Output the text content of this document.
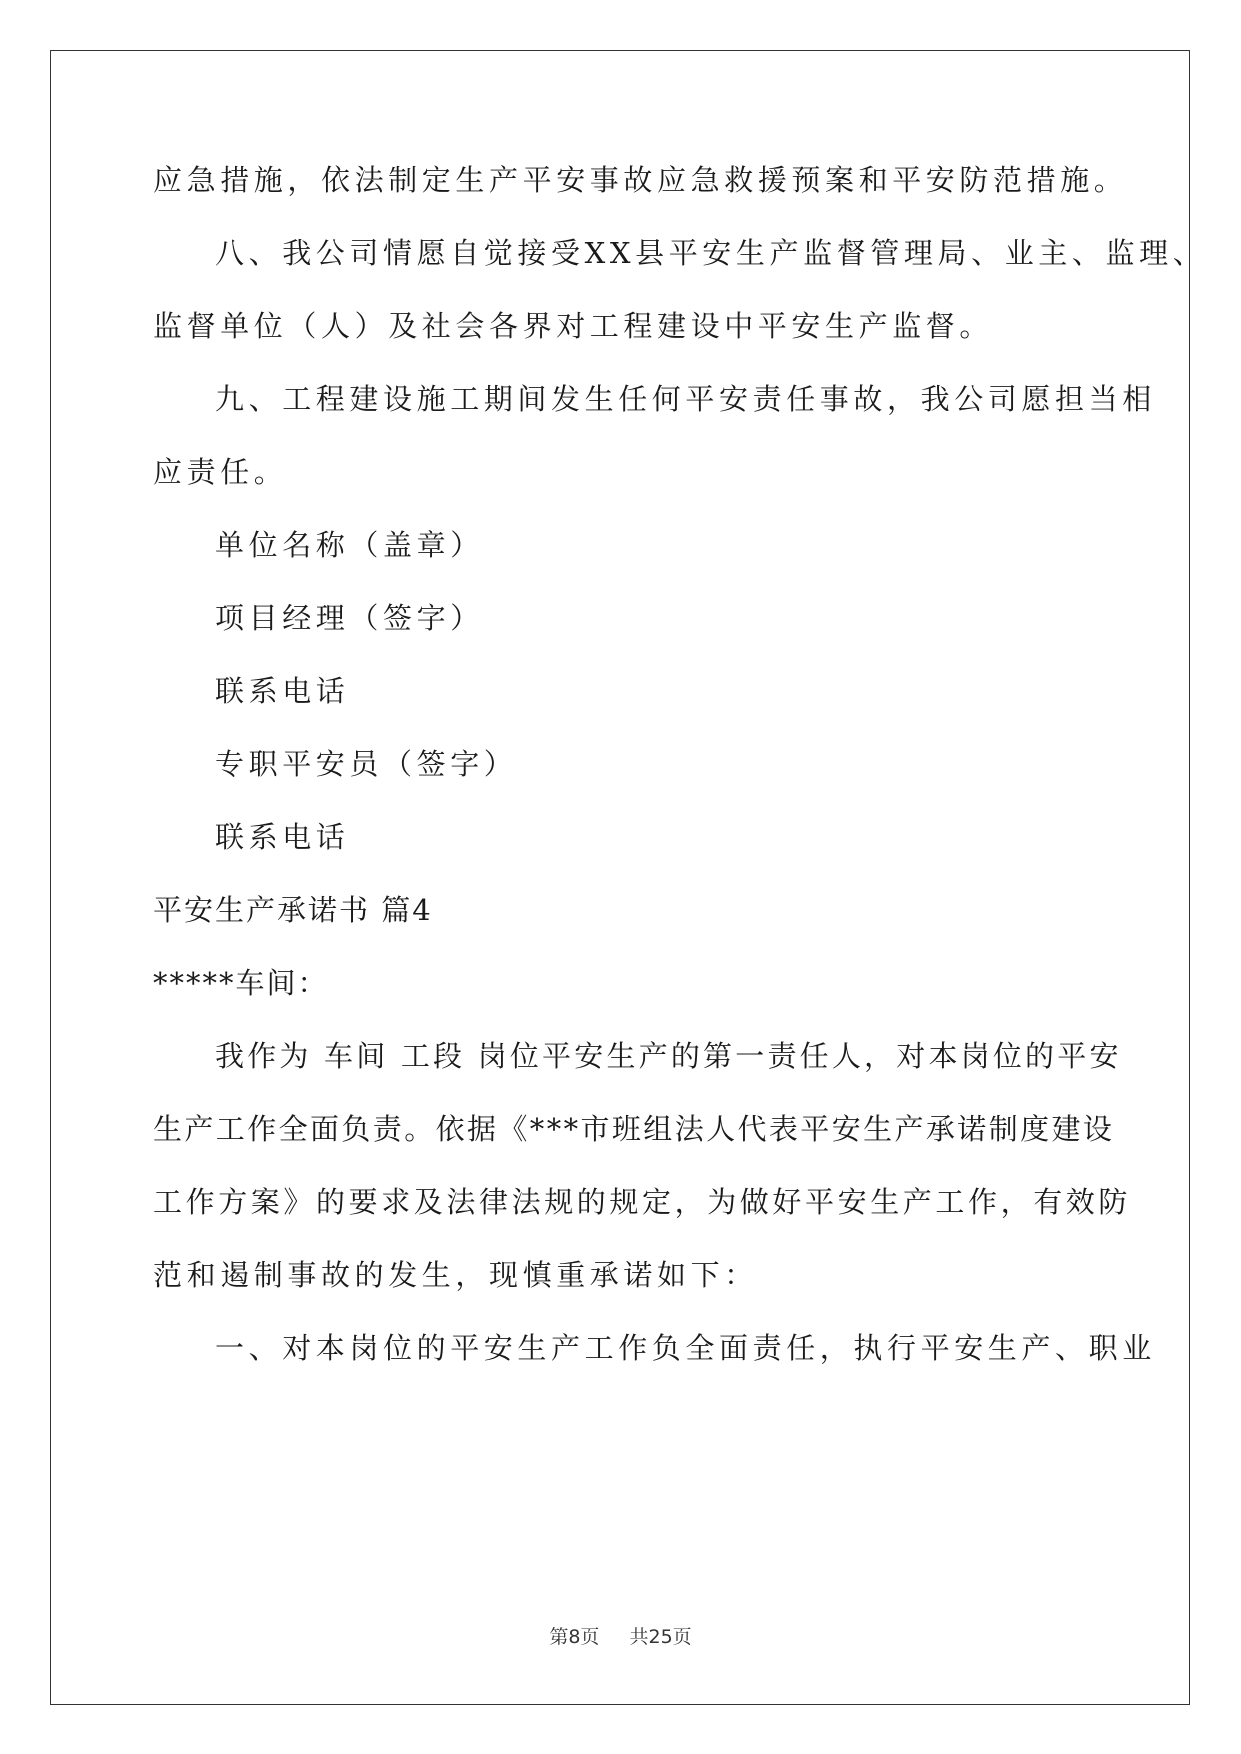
应急措施，依法制定生产平安事故应急救援预案和平安防范措施。
八、我公司情愿自觉接受XX县平安生产监督管理局、业主、监理、
监督单位（人）及社会各界对工程建设中平安生产监督。
九、工程建设施工期间发生任何平安责任事故，我公司愿担当相
应责任。
单位名称（盖章）
项目经理（签字）
联系电话
专职平安员（签字）
联系电话
平安生产承诺书 篇4
*****车间：
我作为 车间 工段 岗位平安生产的第一责任人，对本岗位的平安
生产工作全面负责。依据《***市班组法人代表平安生产承诺制度建设
工作方案》的要求及法律法规的规定，为做好平安生产工作，有效防
范和遏制事故的发生，现慎重承诺如下：
一、对本岗位的平安生产工作负全面责任，执行平安生产、职业
第8页 共25页
